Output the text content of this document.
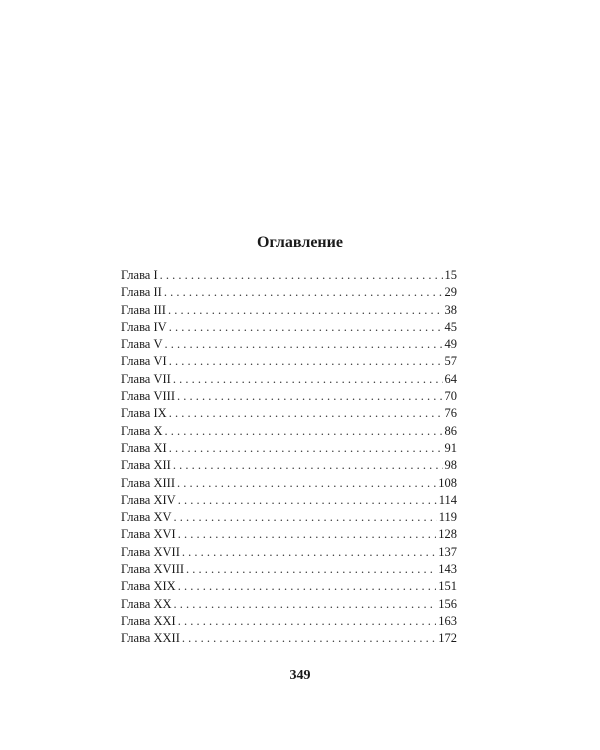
Оглавление
Глава I . . .	15
Глава II . . .	29
Глава III . . .	38
Глава IV . . .	45
Глава V . . .	49
Глава VI . . .	57
Глава VII . . .	64
Глава VIII . . .	70
Глава IX . . .	76
Глава X . . .	86
Глава XI . . .	91
Глава XII . . .	98
Глава XIII . . .	108
Глава XIV . . .	114
Глава XV . . .	119
Глава XVI . . .	128
Глава XVII . . .	137
Глава XVIII . . .	143
Глава XIX . . .	151
Глава XX . . .	156
Глава XXI . . .	163
Глава XXII . . .	172
349
